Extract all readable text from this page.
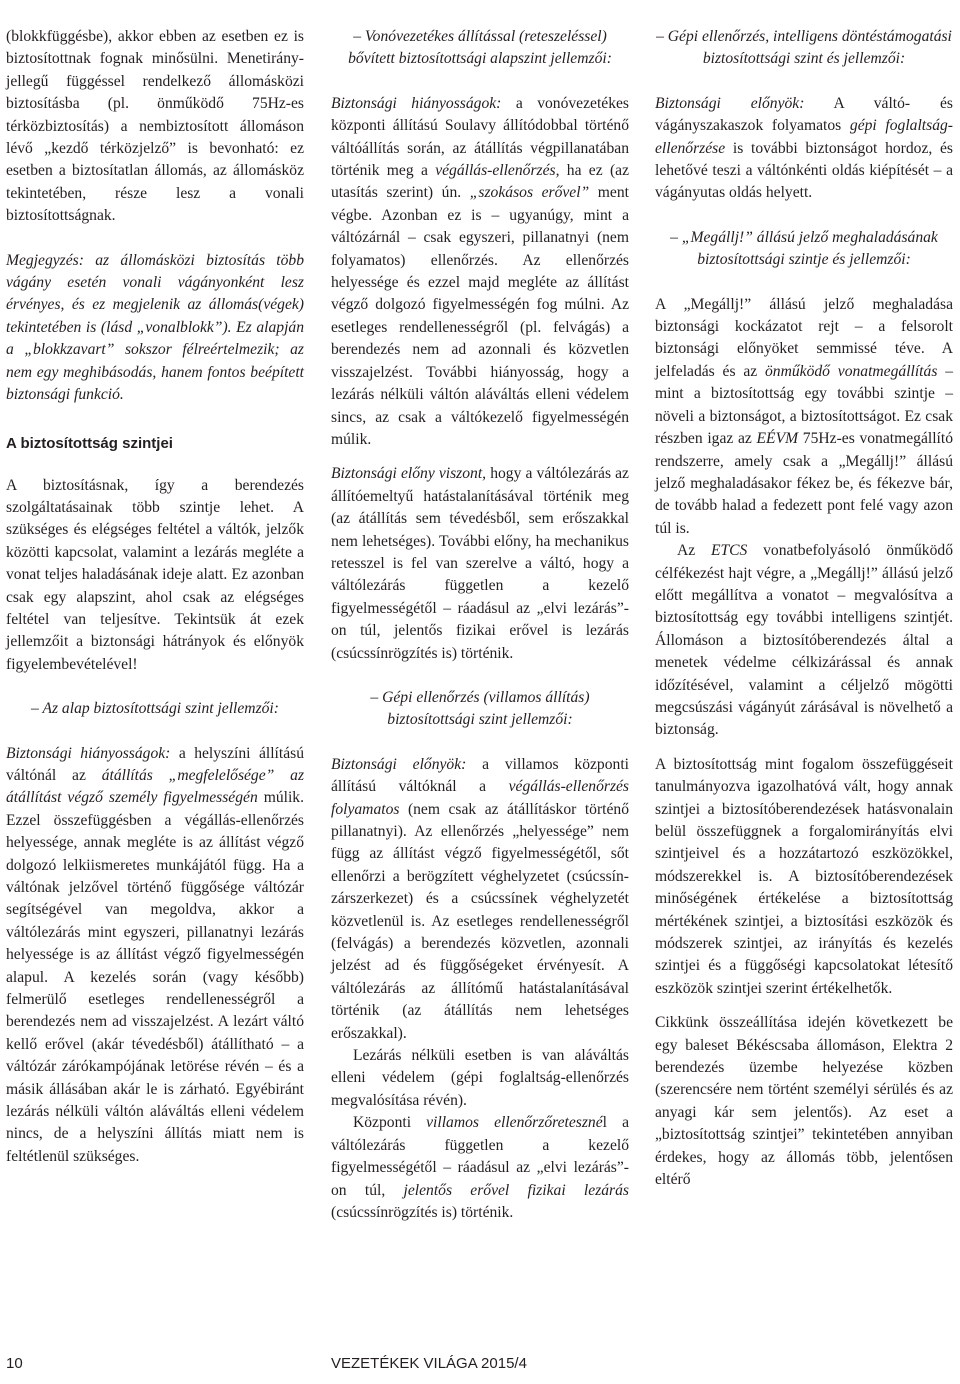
(blokkfüggésbe), akkor ebben az esetben ez is biztosítottnak fognak minősülni. Menetirány-jellegű függéssel rendelkező állomásközi biztosításba (pl. önműködő 75Hz-es térközbiztosítás) a nembiztosított állomáson lévő „kezdő térközjelző” is bevonható: ez esetben a biztosítatlan állomás, az állomásköz tekintetében, része lesz a vonali biztosítottságnak.

Megjegyzés: az állomásközi biztosítás több vágány esetén vonali vágányonként lesz érvényes, és ez megjelenik az állomás(végek) tekintetében is (lásd „vonalblokk”). Ez alapján a „blokkzavart” sokszor félreértelmezik; az nem egy meghibásodás, hanem fontos beépített biztonsági funkció.

A biztosítottság szintjei

A biztosításnak, így a berendezés szolgáltatásainak több szintje lehet. A szükséges és elégséges feltétel a váltók, jelzők közötti kapcsolat, valamint a lezárás megléte a vonat teljes haladásának ideje alatt. Ez azonban csak egy alapszint, ahol csak az elégséges feltétel van teljesítve. Tekintsük át ezek jellemzőit a biztonsági hátrányok és előnyök figyelembevételével!

– Az alap biztosítottsági szint jellemzői:

Biztonsági hiányosságok: a helyszíni állítású váltónál az átállítás „megfelelősége” az átállítást végző személy figyelmességén múlik. Ezzel összefüggésben a végállás-ellenőrzés helyessége, annak megléte is az állítást végző dolgozó lelkiismeretes munkájától függ. Ha a váltónak jelzővel történő függősége váltózár segítségével van megoldva, akkor a váltólezárás mint egyszeri, pillanatnyi lezárás helyessége is az állítást végző figyelmességén alapul. A kezelés során (vagy később) felmerülő esetleges rendellenességről a berendezés nem ad visszajelzést. A lezárt váltó kellő erővel (akár tévedésből) átállítható – a váltózár zárókampójának letörése révén – és a másik állásában akár le is zárható. Egyébiránt lezárás nélküli váltón aláváltás elleni védelem nincs, de a helyszíni állítás miatt nem is feltétlenül szükséges.

– Vonóvezetékes állítással (reteszeléssel) bővített biztosítottsági alapszint jellemzői:

Biztonsági hiányosságok: a vonóvezetékes központi állítású Soulavy állítódobbal történő váltóállítás során, az átállítás végpillanatában történik meg a végállás-ellenőrzés, ha ez (az utasítás szerint) ún. „szokásos erővel” ment végbe. Azonban ez is – ugyanúgy, mint a váltózárnál – csak egyszeri, pillanatnyi (nem folyamatos) ellenőrzés. Az ellenőrzés helyessége és ezzel majd megléte az állítást végző dolgozó figyelmességén fog múlni. Az esetleges rendellenességről (pl. felvágás) a berendezés nem ad azonnali és közvetlen visszajelzést. További hiányosság, hogy a lezárás nélküli váltón aláváltás elleni védelem sincs, az csak a váltókezelő figyelmességén múlik.

Biztonsági előny viszont, hogy a váltólezárás az állítóemeltyű hatástalanításával történik meg (az átállítás sem tévedésből, sem erőszakkal nem lehetséges). További előny, ha mechanikus retesszel is fel van szerelve a váltó, hogy a váltólezárás független a kezelő figyelmességétől – ráadásul az „elvi lezárás”-on túl, jelentős fizikai erővel is lezárás (csúcssínrögzítés is) történik.

– Gépi ellenőrzés (villamos állítás) biztosítottsági szint jellemzői:

Biztonsági előnyök: a villamos központi állítású váltóknál a végállás-ellenőrzés folyamatos (nem csak az átállításkor történő pillanatnyi). Az ellenőrzés „helyessége” nem függ az állítást végző figyelmességétől, sőt ellenőrzi a berögzített véghelyzetet (csúcssín-zárszerkezet) és a csúcssínek véghelyzetét közvetlenül is. Az esetleges rendellenességről (felvágás) a berendezés közvetlen, azonnali jelzést ad és függőségeket érvényesít. A váltólezárás az állítómű hatástalanításával történik (az átállítás nem lehetséges erőszakkal).

Lezárás nélküli esetben is van aláváltás elleni védelem (gépi foglaltság-ellenőrzés megvalósítása révén).

Központi villamos ellenőrzőretesznél a váltólezárás független a kezelő figyelmességétől – ráadásul az „elvi lezárás”-on túl, jelentős erővel fizikai lezárás (csúcssínrögzítés is) történik.

– Gépi ellenőrzés, intelligens döntéstámogatási biztosítottsági szint és jellemzői:

Biztonsági előnyök: A váltó- és vágányszakaszok folyamatos gépi foglaltság-ellenőrzése is további biztonságot hordoz, és lehetővé teszi a váltónkénti oldás kiépítését – a vágányutas oldás helyett.

– „Megállj!” állású jelző meghaladásának biztosítottsági szintje és jellemzői:

A „Megállj!” állású jelző meghaladása biztonsági kockázatot rejt – a felsorolt biztonsági előnyöket semmissé téve. A jelfeladás és az önműködő vonatmegállítás – mint a biztosítottság egy további szintje – növeli a biztonságot, a biztosítottságot. Ez csak részben igaz az EÉVM 75Hz-es vonatmegállító rendszerre, amely csak a „Megállj!” állású jelző meghaladásakor fékez be, és fékezve bár, de tovább halad a fedezett pont felé vagy azon túl is.

Az ETCS vonatbefolyásoló önműködő célfékezést hajt végre, a „Megállj!” állású jelző előtt megállítva a vonatot – megvalósítva a biztosítottság egy további intelligens szintjét. Állomáson a biztosítóberendezés által a menetek védelme célkizárással és annak időzítésével, valamint a céljelző mögötti megcsúszási vágányút zárásával is növelhető a biztonság.

A biztosítottság mint fogalom összefüggéseit tanulmányozva igazolhatóvá vált, hogy annak szintjei a biztosítóberendezések hatásvonalain belül összefüggnek a forgalomirányítás elvi szintjeivel és a hozzátartozó eszközökkel, módszerekkel is. A biztosítóberendezések minőségének értékelése a biztosítottság mértékének szintjei, a biztosítási eszközök és módszerek szintjei, az irányítás és kezelés szintjei és a függőségi kapcsolatokat létesítő eszközök szintjei szerint értékelhetők.

Cikkünk összeállítása idején következett be egy baleset Békéscsaba állomáson, Elektra 2 berendezés üzembe helyezése közben (szerencsére nem történt személyi sérülés és az anyagi kár sem jelentős). Az eset a „biztosítottság szintjei” tekintetében annyiban érdekes, hogy az állomás több, jelentősen eltérő

10	VEZETÉKEK VILÁGA 2015/4
